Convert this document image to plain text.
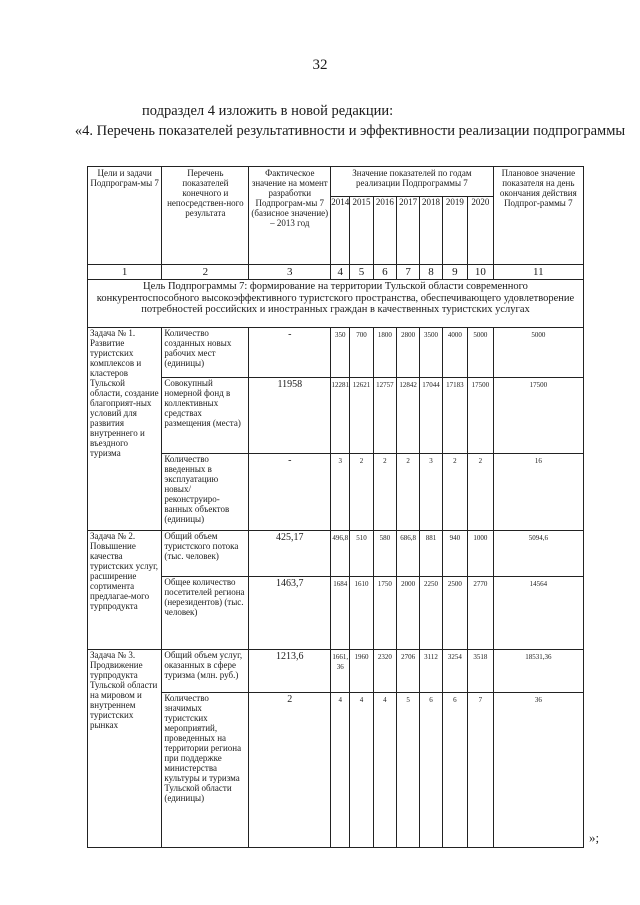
32
подраздел 4 изложить в новой редакции:
«4. Перечень показателей результативности и эффективности реализации подпрограммы
Цели и задачи Подпрограм-мы 7	Перечень показателей конечного и непосредствен-ного результата	Фактическое значение на момент разработки Подпрограм-мы 7 (базисное значение) – 2013 год	Значение показателей по годам реализации Подпрограммы 7							Плановое значение показателя на день окончания действия Подпрог-раммы 7
			2014	2015	2016	2017	2018	2019	2020	
1	2	3	4	5	6	7	8	9	10	11
Цель Подпрограммы 7: формирование на территории Тульской области современного конкурентоспособного высокоэффективного туристского пространства, обеспечивающего удовлетворение потребностей российских и иностранных граждан в качественных туристских услугах										
Задача № 1. Развитие туристских комплексов и кластеров Тульской области, создание благоприят-ных условий для развития внутреннего и въездного туризма	Количество созданных новых рабочих мест (единицы)	-	350	700	1800	2800	3500	4000	5000	5000
	Совокупный номерной фонд в коллективных средствах размещения (места)	11958	12281	12621	12757	12842	17044	17183	17500	17500
	Количество введенных в эксплуатацию новых/ реконструиро-ванных объектов (единицы)	-	3	2	2	2	3	2	2	16
Задача № 2. Повышение качества туристских услуг, расширение сортимента предлагае-мого турпродукта	Общий объем туристского потока (тыс. человек)	425,17	496,8	510	580	686,8	881	940	1000	5094,6
	Общее количество посетителей региона (нерезидентов) (тыс. человек)	1463,7	1684	1610	1750	2000	2250	2500	2770	14564
Задача № 3. Продвижение турпродукта Тульской области на мировом и внутреннем туристских рынках	Общий объем услуг, оказанных в сфере туризма (млн. руб.)	1213,6	1661,36	1960	2320	2706	3112	3254	3518	18531,36
	Количество значимых туристских мероприятий, проведенных на территории региона при поддержке министерства культуры и туризма Тульской области (единицы)	2	4	4	4	5	6	6	7	36
»;
